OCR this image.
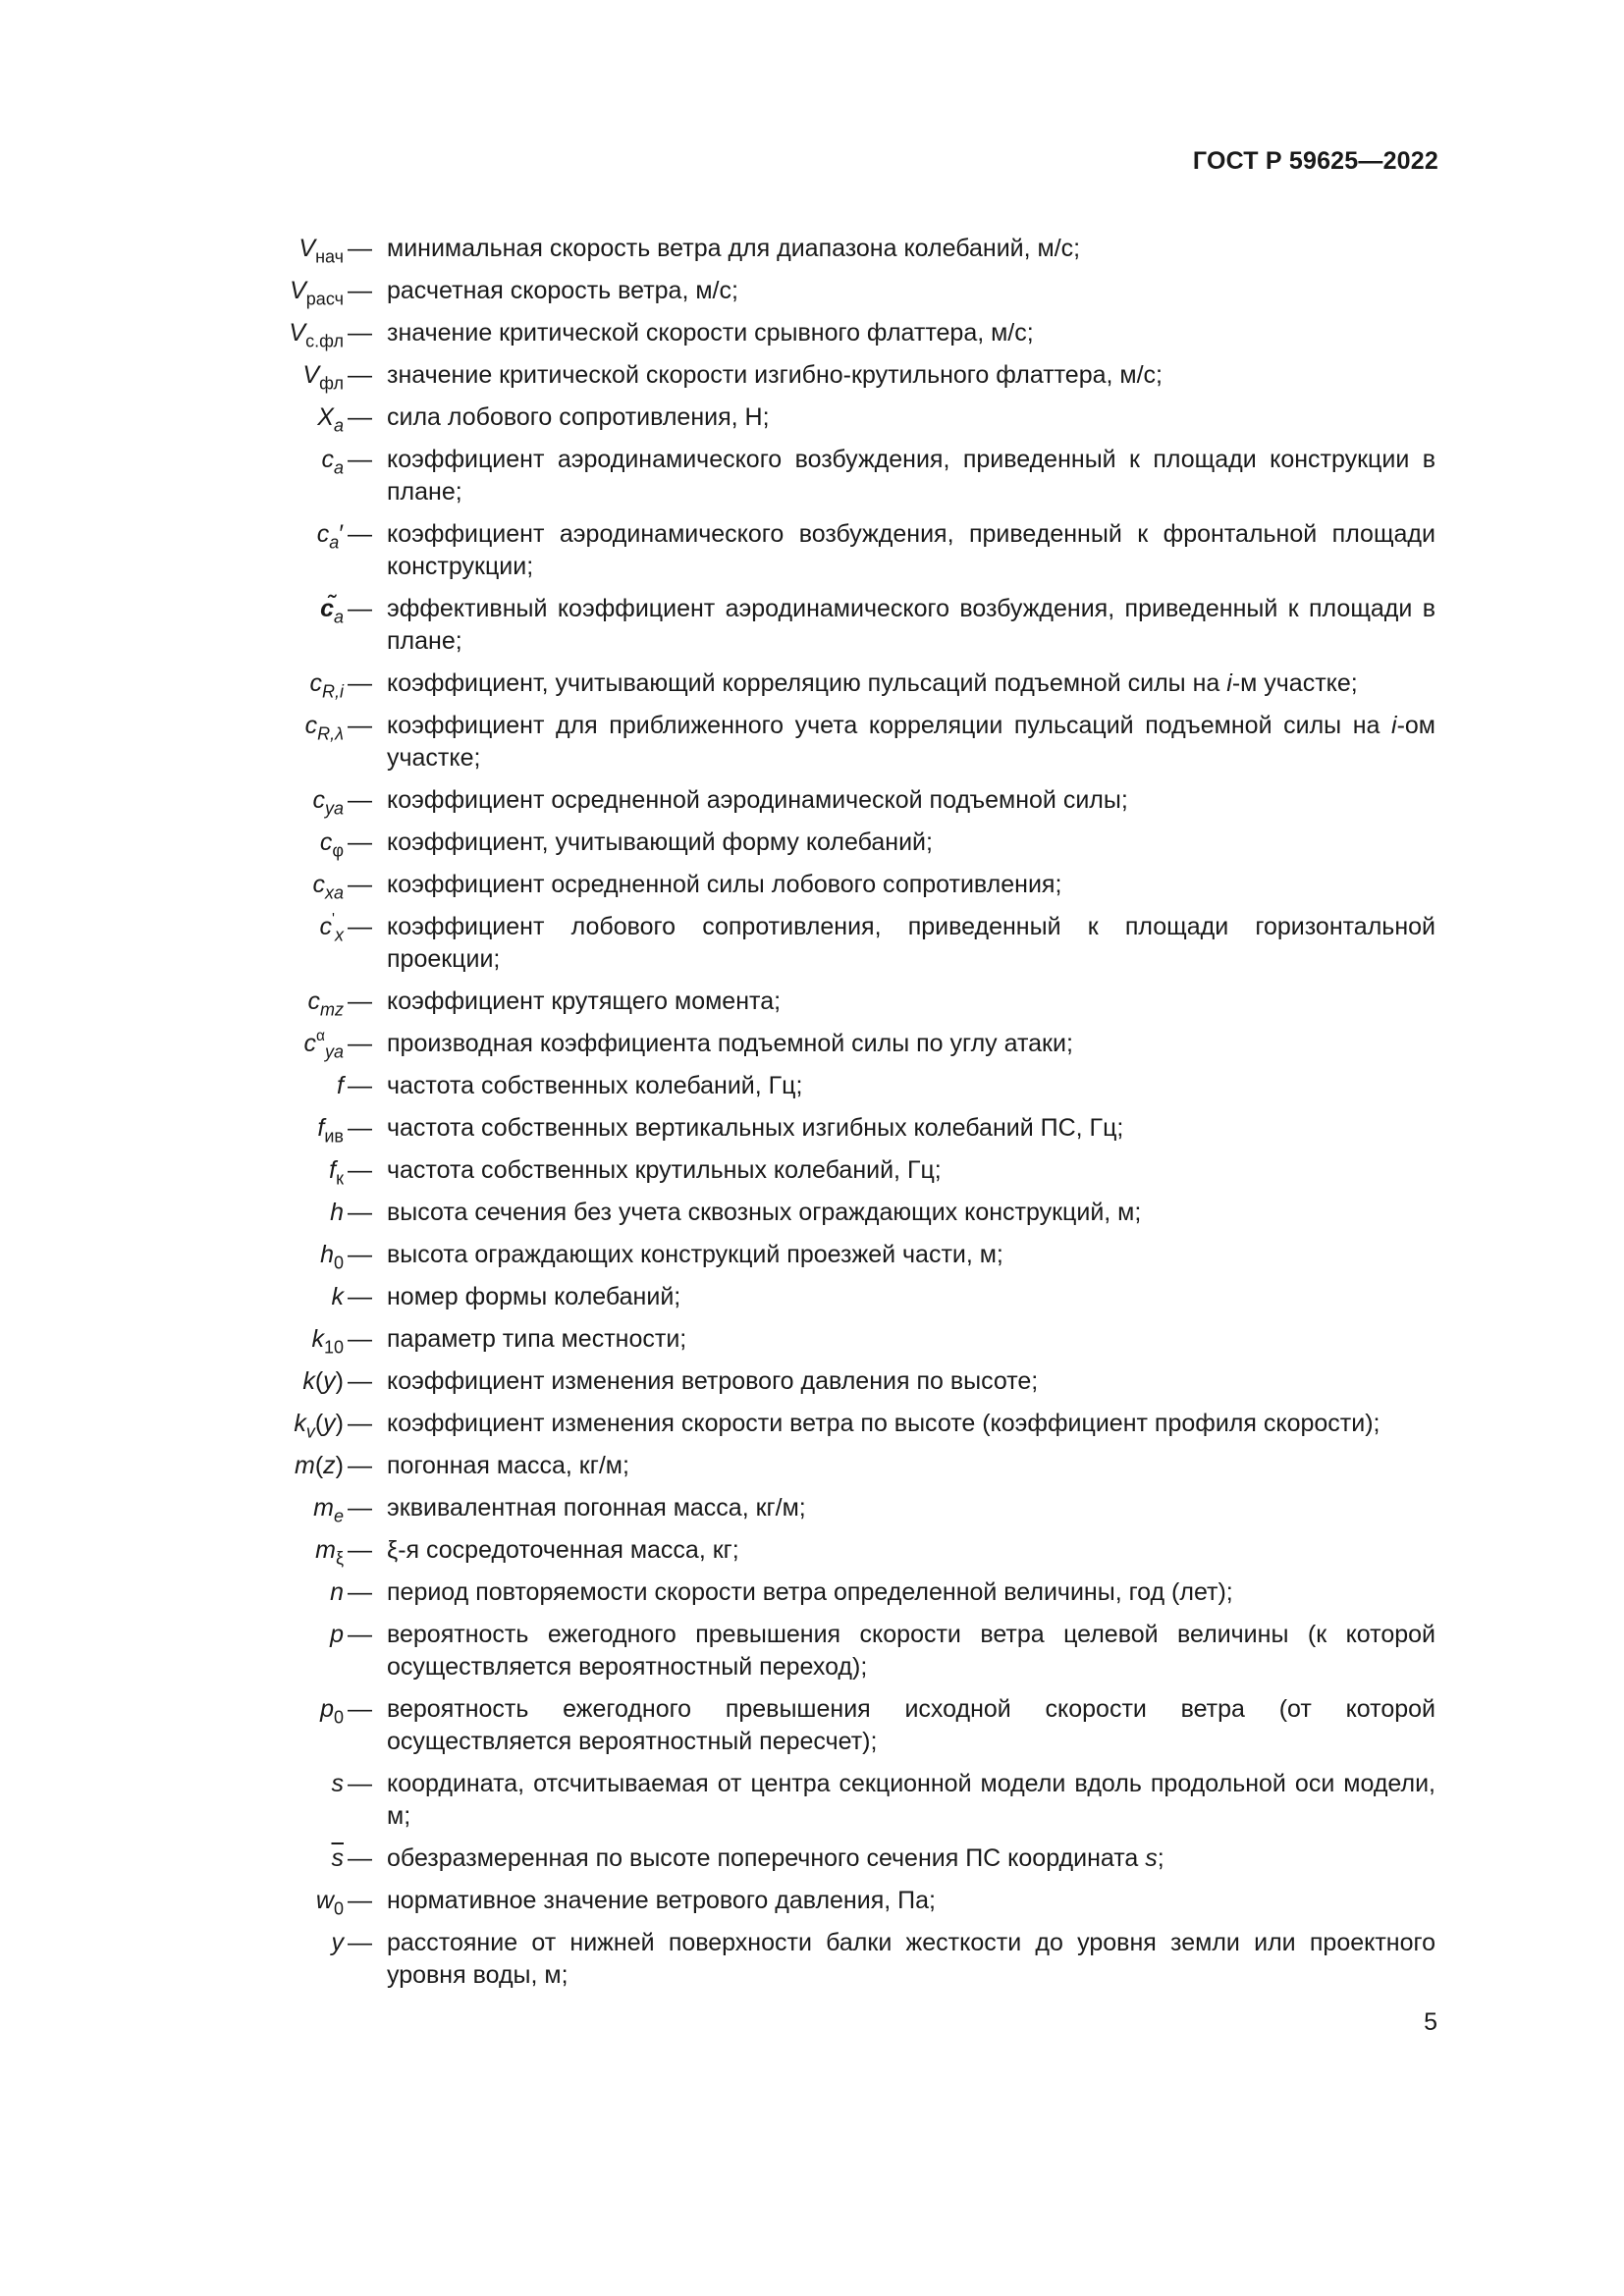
ГОСТ Р 59625—2022
$V_{нач}$ — минимальная скорость ветра для диапазона колебаний, м/с;
$V_{расч}$ — расчетная скорость ветра, м/с;
$V_{с.фл}$ — значение критической скорости срывного флаттера, м/с;
$V_{фл}$ — значение критической скорости изгибно-крутильного флаттера, м/с;
$X_a$ — сила лобового сопротивления, Н;
$c_a$ — коэффициент аэродинамического возбуждения, приведенный к площади конструкции в плане;
$c_a'$ — коэффициент аэродинамического возбуждения, приведенный к фронтальной площади конструкции;
$c̃_a$ — эффективный коэффициент аэродинамического возбуждения, приведенный к площади в плане;
$c_{R,i}$ — коэффициент, учитывающий корреляцию пульсаций подъемной силы на i-м участке;
$c_{R,\lambda}$ — коэффициент для приближенного учета корреляции пульсаций подъемной силы на i-ом участке;
$c_{ya}$ — коэффициент осредненной аэродинамической подъемной силы;
$c_\varphi$ — коэффициент, учитывающий форму колебаний;
$c_{xa}$ — коэффициент осредненной силы лобового сопротивления;
$c'_x$ — коэффициент лобового сопротивления, приведенный к площади горизонтальной проекции;
$c_{mz}$ — коэффициент крутящего момента;
$c^\alpha_{ya}$ — производная коэффициента подъемной силы по углу атаки;
f — частота собственных колебаний, Гц;
$f_{ив}$ — частота собственных вертикальных изгибных колебаний ПС, Гц;
$f_к$ — частота собственных крутильных колебаний, Гц;
h — высота сечения без учета сквозных ограждающих конструкций, м;
$h_0$ — высота ограждающих конструкций проезжей части, м;
k — номер формы колебаний;
$k_{10}$ — параметр типа местности;
k(y) — коэффициент изменения ветрового давления по высоте;
$k_v(y)$ — коэффициент изменения скорости ветра по высоте (коэффициент профиля скорости);
m(z) — погонная масса, кг/м;
$m_e$ — эквивалентная погонная масса, кг/м;
$m_\xi$ — ξ-я сосредоточенная масса, кг;
n — период повторяемости скорости ветра определенной величины, год (лет);
p — вероятность ежегодного превышения скорости ветра целевой величины (к которой осуществляется вероятностный переход);
$p_0$ — вероятность ежегодного превышения исходной скорости ветра (от которой осуществляется вероятностный пересчет);
s — координата, отсчитываемая от центра секционной модели вдоль продольной оси модели, м;
$\overline{s}$ — обезразмеренная по высоте поперечного сечения ПС координата s;
$w_0$ — нормативное значение ветрового давления, Па;
y — расстояние от нижней поверхности балки жесткости до уровня земли или проектного уровня воды, м;
5
